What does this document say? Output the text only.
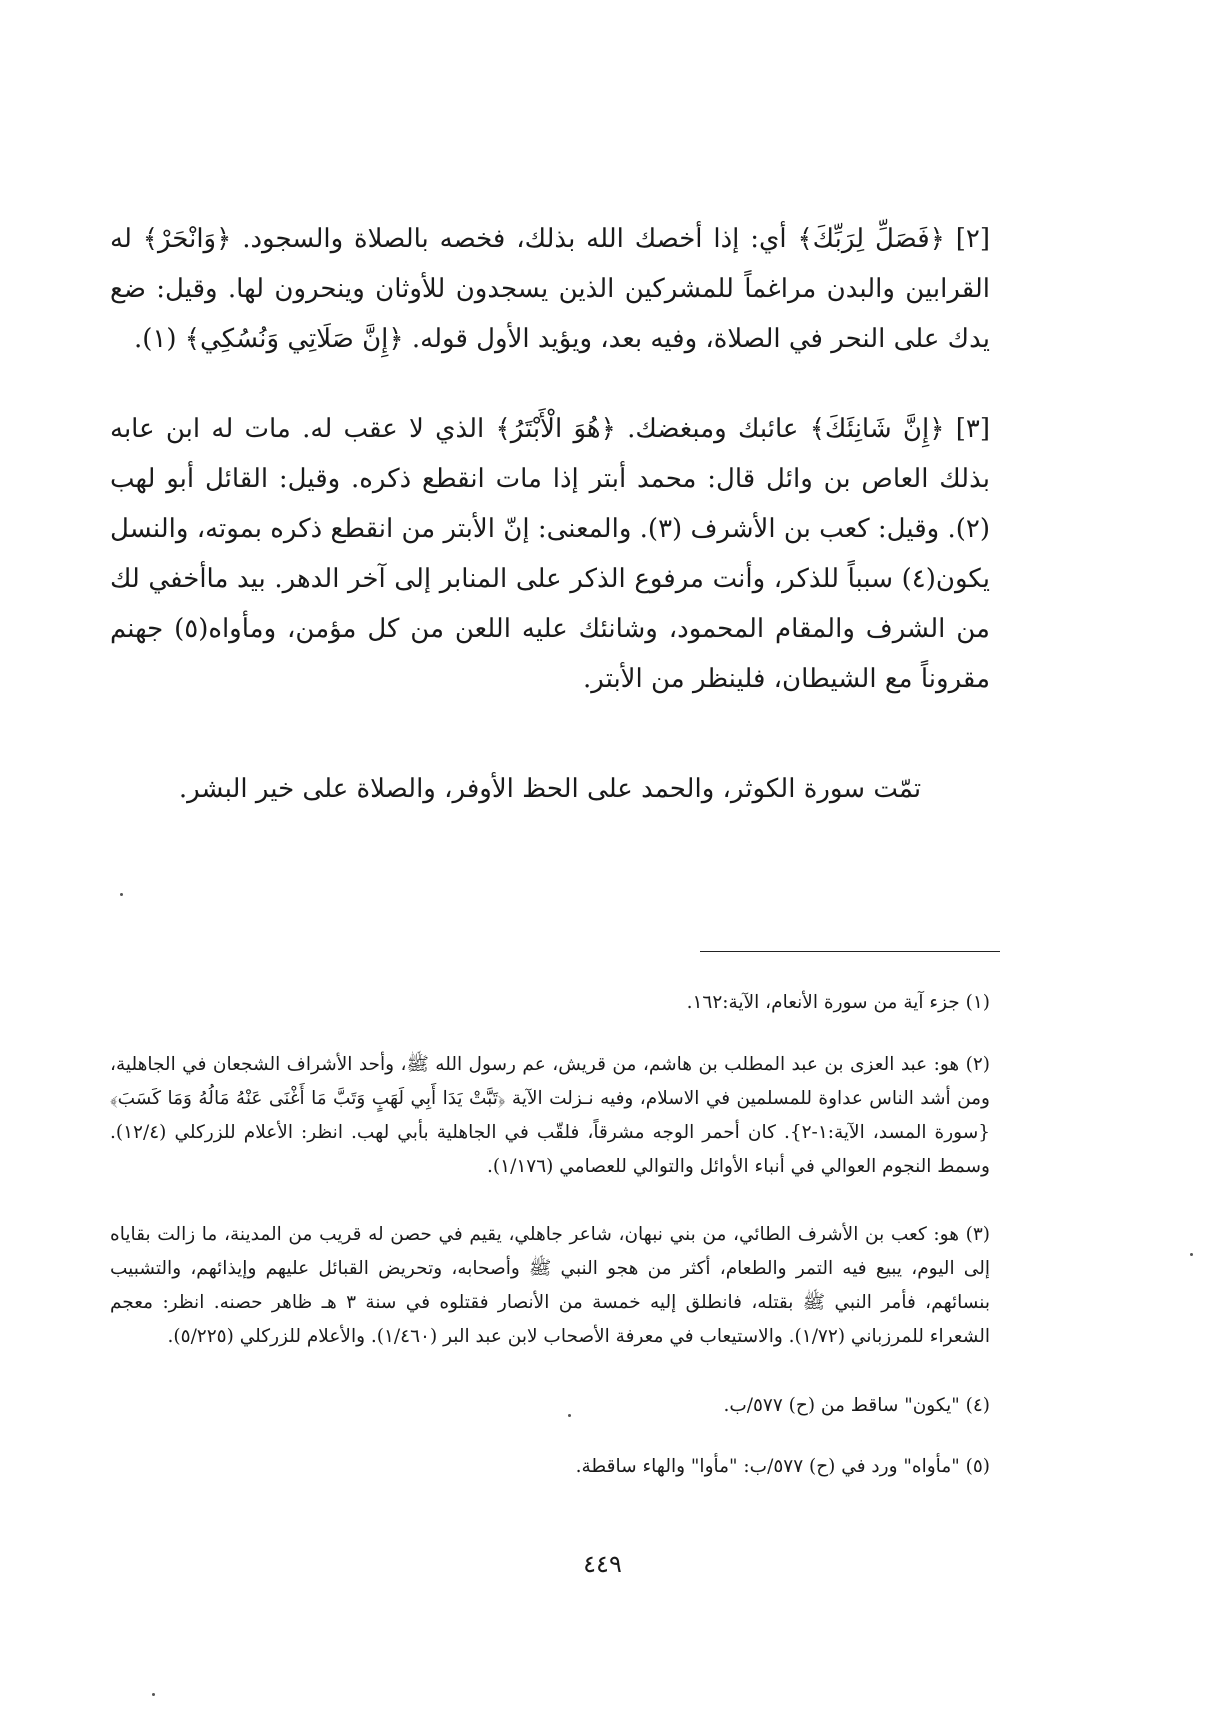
[٢] ﴿فَصَلِّ لِرَبِّكَ﴾ أي: إذا أخصك الله بذلك، فخصه بالصلاة والسجود. ﴿وَانْحَرْ﴾ له القرابين والبدن مراغماً للمشركين الذين يسجدون للأوثان وينحرون لها. وقيل: ضع يدك على النحر في الصلاة، وفيه بعد، ويؤيد الأول قوله. ﴿إِنَّ صَلَاتِي وَنُسُكِي﴾ (١).

[٣] ﴿إِنَّ شَانِئَكَ﴾ عائبك ومبغضك. ﴿هُوَ الْأَبْتَرُ﴾ الذي لا عقب له. مات له ابن عابه بذلك العاص بن وائل قال: محمد أبتر إذا مات انقطع ذكره. وقيل: القائل أبو لهب (٢). وقيل: كعب بن الأشرف (٣). والمعنى: إنّ الأبتر من انقطع ذكره بموته، والنسل يكون(٤) سبباً للذكر، وأنت مرفوع الذكر على المنابر إلى آخر الدهر. بيد ماأخفي لك من الشرف والمقام المحمود، وشانئك عليه اللعن من كل مؤمن، ومأواه(٥) جهنم مقروناً مع الشيطان، فلينظر من الأبتر.

تمّت سورة الكوثر، والحمد على الحظ الأوفر، والصلاة على خير البشر.

(١) جزء آية من سورة الأنعام، الآية:١٦٢.

(٢) هو: عبد العزى بن عبد المطلب بن هاشم، من قريش، عم رسول الله ﷺ، وأحد الأشراف الشجعان في الجاهلية، ومن أشد الناس عداوة للمسلمين في الاسلام، وفيه نـزلت الآية ﴿تَبَّتْ يَدَا أَبِي لَهَبٍ وَتَبَّ مَا أَغْنَى عَنْهُ مَالُهُ وَمَا كَسَبَ﴾ {سورة المسد، الآية:١-٢}. كان أحمر الوجه مشرقاً، فلقّب في الجاهلية بأبي لهب. انظر: الأعلام للزركلي (١٢/٤). وسمط النجوم العوالي في أنباء الأوائل والتوالي للعصامي (١/١٧٦).

(٣) هو: كعب بن الأشرف الطائي، من بني نبهان، شاعر جاهلي، يقيم في حصن له قريب من المدينة، ما زالت بقاياه إلى اليوم، يبيع فيه التمر والطعام، أكثر من هجو النبي ﷺ وأصحابه، وتحريض القبائل عليهم وإيذائهم، والتشبيب بنسائهم، فأمر النبي ﷺ بقتله، فانطلق إليه خمسة من الأنصار فقتلوه في سنة ٣ هـ ظاهر حصنه. انظر: معجم الشعراء للمرزباني (١/٧٢). والاستيعاب في معرفة الأصحاب لابن عبد البر (١/٤٦٠). والأعلام للزركلي (٥/٢٢٥).

(٤) "يكون" ساقط من (ح) ٥٧٧/ب.

(٥) "مأواه" ورد في (ح) ٥٧٧/ب: "مأوا" والهاء ساقطة.

٤٤٩
